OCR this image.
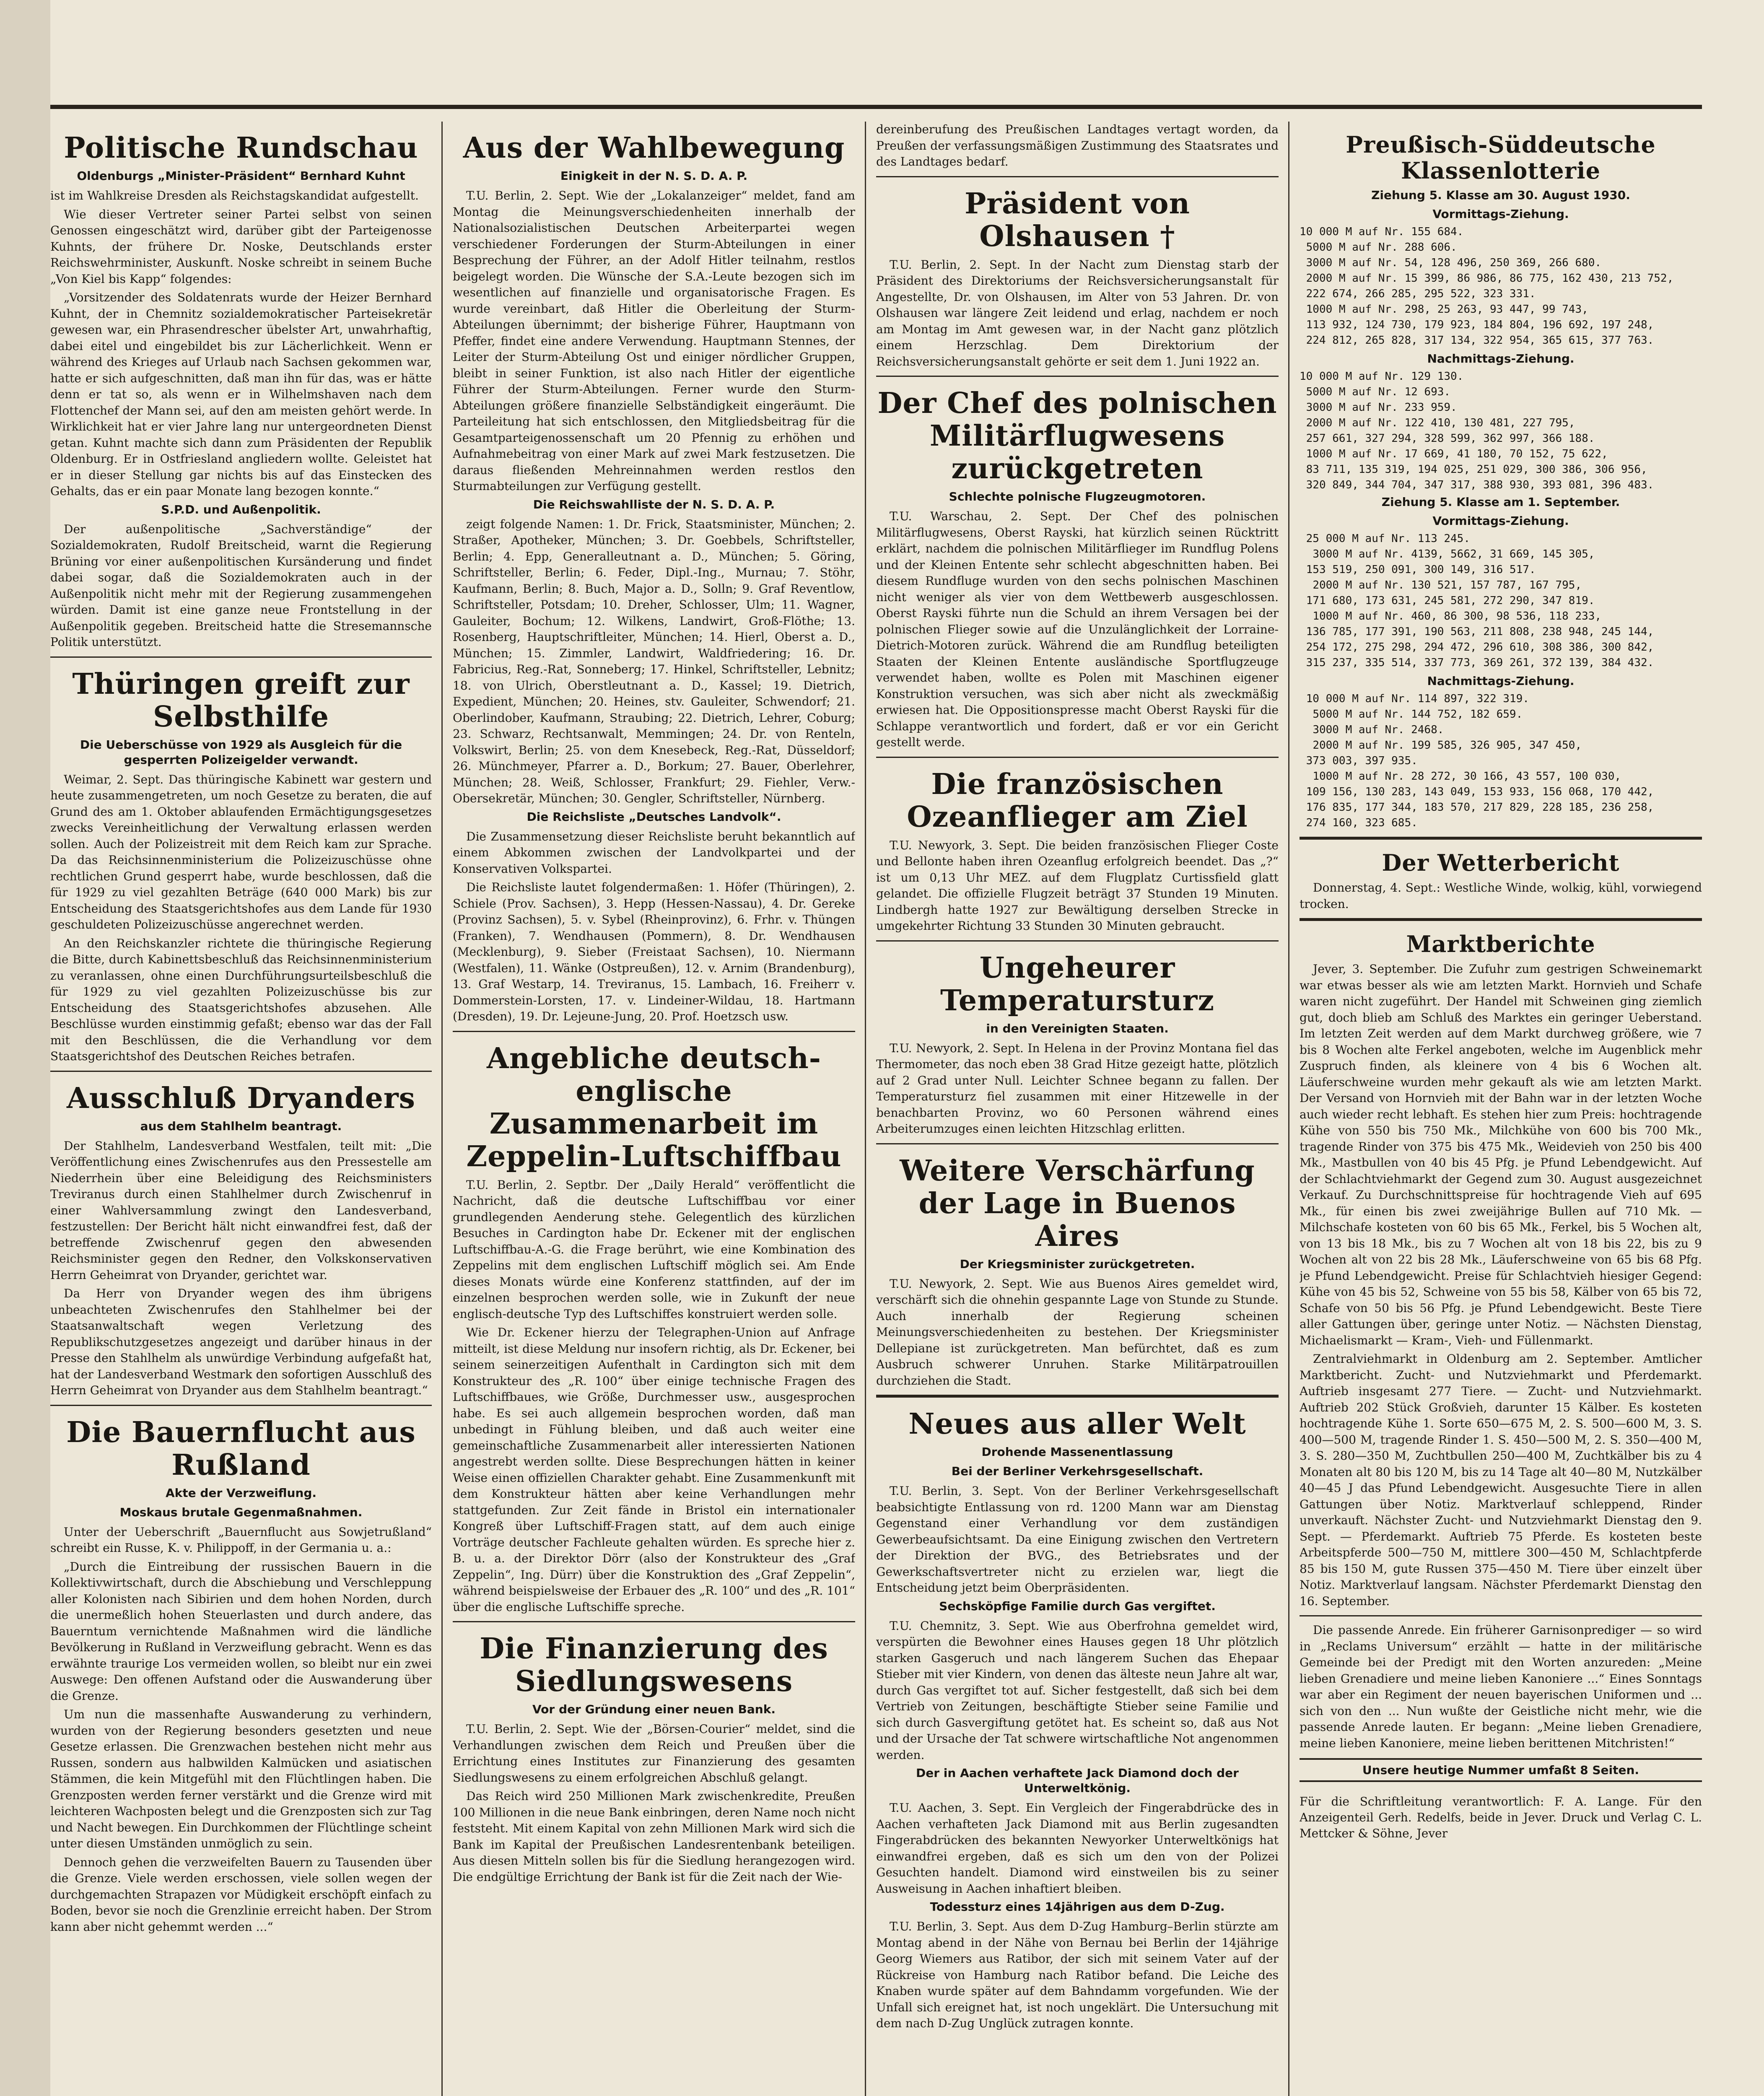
Politische Rundschau
Oldenburgs „Minister-Präsident“ Bernhard Kuhnt

ist im Wahlkreise Dresden als Reichstagskandidat aufgestellt.

Wie dieser Vertreter seiner Partei selbst von seinen Genossen eingeschätzt wird, darüber gibt der Parteigenosse Kuhnts, der frühere Dr. Noske, Deutschlands erster Reichswehrminister, Auskunft. Noske schreibt in seinem Buche „Von Kiel bis Kapp“ folgendes:

„Vorsitzender des Soldatenrats wurde der Heizer Bernhard Kuhnt, der in Chemnitz sozialdemokratischer Parteisekretär gewesen war, ein Phrasendrescher übelster Art, unwahrhaftig, dabei eitel und eingebildet bis zur Lächerlichkeit. Wenn er während des Krieges auf Urlaub nach Sachsen gekommen war, hatte er sich aufgeschnitten, daß man ihn für das, was er hätte denn er tat so, als wenn er in Wilhelmshaven nach dem Flottenchef der Mann sei, auf den am meisten gehört werde. In Wirklichkeit hat er vier Jahre lang nur untergeordneten Dienst getan. Kuhnt machte sich dann zum Präsidenten der Republik Oldenburg. Er in Ostfriesland angliedern wollte. Geleistet hat er in dieser Stellung gar nichts bis auf das Einstecken des Gehalts, das er ein paar Monate lang bezogen konnte.“

S.P.D. und Außenpolitik.

Der außenpolitische „Sachverständige“ der Sozialdemokraten, Rudolf Breitscheid, warnt die Regierung Brüning vor einer außenpolitischen Kursänderung und findet dabei sogar, daß die Sozialdemokraten auch in der Außenpolitik nicht mehr mit der Regierung zusammengehen würden. Damit ist eine ganze neue Frontstellung in der Außenpolitik gegeben. Breitscheid hatte die Stresemannsche Politik unterstützt.

Thüringen greift zur Selbsthilfe
Die Ueberschüsse von 1929 als Ausgleich für die gesperrten Polizeigelder verwandt.

Weimar, 2. Sept. Das thüringische Kabinett war gestern und heute zusammengetreten, um noch Gesetze zu beraten, die auf Grund des am 1. Oktober ablaufenden Ermächtigungsgesetzes zwecks Vereinheitlichung der Verwaltung erlassen werden sollen. Auch der Polizeistreit mit dem Reich kam zur Sprache. Da das Reichsinnenministerium die Polizeizuschüsse ohne rechtlichen Grund gesperrt habe, wurde beschlossen, daß die für 1929 zu viel gezahlten Beträge (640 000 Mark) bis zur Entscheidung des Staatsgerichtshofes aus dem Lande für 1930 geschuldeten Polizeizuschüsse angerechnet werden.

An den Reichskanzler richtete die thüringische Regierung die Bitte, durch Kabinettsbeschluß das Reichsinnenministerium zu veranlassen, ohne einen Durchführungsurteilsbeschluß die für 1929 zu viel gezahlten Polizeizuschüsse bis zur Entscheidung des Staatsgerichtshofes abzusehen. Alle Beschlüsse wurden einstimmig gefaßt; ebenso war das der Fall mit den Beschlüssen, die die Verhandlung vor dem Staatsgerichtshof des Deutschen Reiches betrafen.

Ausschluß Dryanders
aus dem Stahlhelm beantragt.

Der Stahlhelm, Landesverband Westfalen, teilt mit: „Die Veröffentlichung eines Zwischenrufes aus den Pressestelle am Niederrhein über eine Beleidigung des Reichsministers Treviranus durch einen Stahlhelmer durch Zwischenruf in einer Wahlversammlung zwingt den Landesverband, festzustellen: Der Bericht hält nicht einwandfrei fest, daß der betreffende Zwischenruf gegen den abwesenden Reichsminister gegen den Redner, den Volkskonservativen Herrn Geheimrat von Dryander, gerichtet war.

Da Herr von Dryander wegen des ihm übrigens unbeachteten Zwischenrufes den Stahlhelmer bei der Staatsanwaltschaft wegen Verletzung des Republikschutzgesetzes angezeigt und darüber hinaus in der Presse den Stahlhelm als unwürdige Verbindung aufgefaßt hat, hat der Landesverband Westmark den sofortigen Ausschluß des Herrn Geheimrat von Dryander aus dem Stahlhelm beantragt.“

Die Bauernflucht aus Rußland
Akte der Verzweiflung.
Moskaus brutale Gegenmaßnahmen.

Unter der Ueberschrift „Bauernflucht aus Sowjetrußland“ schreibt ein Russe, K. v. Philippoff, in der Germania u. a.:

„Durch die Eintreibung der russischen Bauern in die Kollektivwirtschaft, durch die Abschiebung und Verschleppung aller Kolonisten nach Sibirien und dem hohen Norden, durch die unermeßlich hohen Steuerlasten und durch andere, das Bauerntum vernichtende Maßnahmen wird die ländliche Bevölkerung in Rußland in Verzweiflung gebracht. Wenn es das erwähnte traurige Los vermeiden wollen, so bleibt nur ein zwei Auswege: Den offenen Aufstand oder die Auswanderung über die Grenze.

Um nun die massenhafte Auswanderung zu verhindern, wurden von der Regierung besonders gesetzten und neue Gesetze erlassen. Die Grenzwachen bestehen nicht mehr aus Russen, sondern aus halbwilden Kalmücken und asiatischen Stämmen, die kein Mitgefühl mit den Flüchtlingen haben. Die Grenzposten werden ferner verstärkt und die Grenze wird mit leichteren Wachposten belegt und die Grenzposten sich zur Tag und Nacht bewegen. Ein Durchkommen der Flüchtlinge scheint unter diesen Umständen unmöglich zu sein.

Dennoch gehen die verzweifelten Bauern zu Tausenden über die Grenze. Viele werden erschossen, viele sollen wegen der durchgemachten Strapazen vor Müdigkeit erschöpft einfach zu Boden, bevor sie noch die Grenzlinie erreicht haben. Der Strom kann aber nicht gehemmt werden ...“

Aus der Wahlbewegung
Einigkeit in der N. S. D. A. P.

T.U. Berlin, 2. Sept. Wie der „Lokalanzeiger“ meldet, fand am Montag die Meinungsverschiedenheiten innerhalb der Nationalsozialistischen Deutschen Arbeiterpartei wegen verschiedener Forderungen der Sturm-Abteilungen in einer Besprechung der Führer, an der Adolf Hitler teilnahm, restlos beigelegt worden. Die Wünsche der S.A.-Leute bezogen sich im wesentlichen auf finanzielle und organisatorische Fragen. Es wurde vereinbart, daß Hitler die Oberleitung der Sturm-Abteilungen übernimmt; der bisherige Führer, Hauptmann von Pfeffer, findet eine andere Verwendung. Hauptmann Stennes, der Leiter der Sturm-Abteilung Ost und einiger nördlicher Gruppen, bleibt in seiner Funktion, ist also nach Hitler der eigentliche Führer der Sturm-Abteilungen. Ferner wurde den Sturm-Abteilungen größere finanzielle Selbständigkeit eingeräumt. Die Parteileitung hat sich entschlossen, den Mitgliedsbeitrag für die Gesamtparteigenossenschaft um 20 Pfennig zu erhöhen und Aufnahmebeitrag von einer Mark auf zwei Mark festzusetzen. Die daraus fließenden Mehreinnahmen werden restlos den Sturmabteilungen zur Verfügung gestellt.

Die Reichswahlliste der N. S. D. A. P.

zeigt folgende Namen: 1. Dr. Frick, Staatsminister, München; 2. Straßer, Apotheker, München; 3. Dr. Goebbels, Schriftsteller, Berlin; 4. Epp, Generalleutnant a. D., München; 5. Göring, Schriftsteller, Berlin; 6. Feder, Dipl.-Ing., Murnau; 7. Stöhr, Kaufmann, Berlin; 8. Buch, Major a. D., Solln; 9. Graf Reventlow, Schriftsteller, Potsdam; 10. Dreher, Schlosser, Ulm; 11. Wagner, Gauleiter, Bochum; 12. Wilkens, Landwirt, Groß-Flöthe; 13. Rosenberg, Hauptschriftleiter, München; 14. Hierl, Oberst a. D., München; 15. Zimmler, Landwirt, Waldfriedering; 16. Dr. Fabricius, Reg.-Rat, Sonneberg; 17. Hinkel, Schriftsteller, Lebnitz; 18. von Ulrich, Oberstleutnant a. D., Kassel; 19. Dietrich, Expedient, München; 20. Heines, stv. Gauleiter, Schwendorf; 21. Oberlindober, Kaufmann, Straubing; 22. Dietrich, Lehrer, Coburg; 23. Schwarz, Rechtsanwalt, Memmingen; 24. Dr. von Renteln, Volkswirt, Berlin; 25. von dem Knesebeck, Reg.-Rat, Düsseldorf; 26. Münchmeyer, Pfarrer a. D., Borkum; 27. Bauer, Oberlehrer, München; 28. Weiß, Schlosser, Frankfurt; 29. Fiehler, Verw.-Obersekretär, München; 30. Gengler, Schriftsteller, Nürnberg.

Die Reichsliste „Deutsches Landvolk“.

Die Zusammensetzung dieser Reichsliste beruht bekanntlich auf einem Abkommen zwischen der Landvolkpartei und der Konservativen Volkspartei.

Die Reichsliste lautet folgendermaßen: 1. Höfer (Thüringen), 2. Schiele (Prov. Sachsen), 3. Hepp (Hessen-Nassau), 4. Dr. Gereke (Provinz Sachsen), 5. v. Sybel (Rheinprovinz), 6. Frhr. v. Thüngen (Franken), 7. Wendhausen (Pommern), 8. Dr. Wendhausen (Mecklenburg), 9. Sieber (Freistaat Sachsen), 10. Niermann (Westfalen), 11. Wänke (Ostpreußen), 12. v. Arnim (Brandenburg), 13. Graf Westarp, 14. Treviranus, 15. Lambach, 16. Freiherr v. Dommerstein-Lorsten, 17. v. Lindeiner-Wildau, 18. Hartmann (Dresden), 19. Dr. Lejeune-Jung, 20. Prof. Hoetzsch usw.

Angebliche deutsch-englische Zusammenarbeit im Zeppelin-Luftschiffbau

T.U. Berlin, 2. Septbr. Der „Daily Herald“ veröffentlicht die Nachricht, daß die deutsche Luftschiffbau vor einer grundlegenden Aenderung stehe. Gelegentlich des kürzlichen Besuches in Cardington habe Dr. Eckener mit der englischen Luftschiffbau-A.-G. die Frage berührt, wie eine Kombination des Zeppelins mit dem englischen Luftschiff möglich sei. Am Ende dieses Monats würde eine Konferenz stattfinden, auf der im einzelnen besprochen werden solle, wie in Zukunft der neue englisch-deutsche Typ des Luftschiffes konstruiert werden solle.

Wie Dr. Eckener hierzu der Telegraphen-Union auf Anfrage mitteilt, ist diese Meldung nur insofern richtig, als Dr. Eckener, bei seinem seinerzeitigen Aufenthalt in Cardington sich mit dem Konstrukteur des „R. 100“ über einige technische Fragen des Luftschiffbaues, wie Größe, Durchmesser usw., ausgesprochen habe. Es sei auch allgemein besprochen worden, daß man unbedingt in Fühlung bleiben, und daß auch weiter eine gemeinschaftliche Zusammenarbeit aller interessierten Nationen angestrebt werden sollte. Diese Besprechungen hätten in keiner Weise einen offiziellen Charakter gehabt. Eine Zusammenkunft mit dem Konstrukteur hätten aber keine Verhandlungen mehr stattgefunden. Zur Zeit fände in Bristol ein internationaler Kongreß über Luftschiff-Fragen statt, auf dem auch einige Vorträge deutscher Fachleute gehalten würden. Es spreche hier z. B. u. a. der Direktor Dörr (also der Konstrukteur des „Graf Zeppelin“, Ing. Dürr) über die Konstruktion des „Graf Zeppelin“, während beispielsweise der Erbauer des „R. 100“ und des „R. 101“ über die englische Luftschiffe spreche.

Die Finanzierung des Siedlungswesens
Vor der Gründung einer neuen Bank.

T.U. Berlin, 2. Sept. Wie der „Börsen-Courier“ meldet, sind die Verhandlungen zwischen dem Reich und Preußen über die Errichtung eines Institutes zur Finanzierung des gesamten Siedlungswesens zu einem erfolgreichen Abschluß gelangt.

Das Reich wird 250 Millionen Mark zwischenkredite, Preußen 100 Millionen in die neue Bank einbringen, deren Name noch nicht feststeht. Mit einem Kapital von zehn Millionen Mark wird sich die Bank im Kapital der Preußischen Landesrentenbank beteiligen. Aus diesen Mitteln sollen bis für die Siedlung herangezogen wird. Die endgültige Errichtung der Bank ist für die Zeit nach der Wie-

dereinberufung des Preußischen Landtages vertagt worden, da Preußen der verfassungsmäßigen Zustimmung des Staatsrates und des Landtages bedarf.

Präsident von Olshausen †

T.U. Berlin, 2. Sept. In der Nacht zum Dienstag starb der Präsident des Direktoriums der Reichsversicherungsanstalt für Angestellte, Dr. von Olshausen, im Alter von 53 Jahren. Dr. von Olshausen war längere Zeit leidend und erlag, nachdem er noch am Montag im Amt gewesen war, in der Nacht ganz plötzlich einem Herzschlag. Dem Direktorium der Reichsversicherungsanstalt gehörte er seit dem 1. Juni 1922 an.

Der Chef des polnischen Militärflugwesens zurückgetreten
Schlechte polnische Flugzeugmotoren.

T.U. Warschau, 2. Sept. Der Chef des polnischen Militärflugwesens, Oberst Rayski, hat kürzlich seinen Rücktritt erklärt, nachdem die polnischen Militärflieger im Rundflug Polens und der Kleinen Entente sehr schlecht abgeschnitten haben. Bei diesem Rundfluge wurden von den sechs polnischen Maschinen nicht weniger als vier von dem Wettbewerb ausgeschlossen. Oberst Rayski führte nun die Schuld an ihrem Versagen bei der polnischen Flieger sowie auf die Unzulänglichkeit der Lorraine-Dietrich-Motoren zurück. Während die am Rundflug beteiligten Staaten der Kleinen Entente ausländische Sportflugzeuge verwendet haben, wollte es Polen mit Maschinen eigener Konstruktion versuchen, was sich aber nicht als zweckmäßig erwiesen hat. Die Oppositionspresse macht Oberst Rayski für die Schlappe verantwortlich und fordert, daß er vor ein Gericht gestellt werde.

Die französischen Ozeanflieger am Ziel

T.U. Newyork, 3. Sept. Die beiden französischen Flieger Coste und Bellonte haben ihren Ozeanflug erfolgreich beendet. Das „?“ ist um 0,13 Uhr MEZ. auf dem Flugplatz Curtissfield glatt gelandet. Die offizielle Flugzeit beträgt 37 Stunden 19 Minuten. Lindbergh hatte 1927 zur Bewältigung derselben Strecke in umgekehrter Richtung 33 Stunden 30 Minuten gebraucht.

Ungeheurer Temperatursturz
in den Vereinigten Staaten.

T.U. Newyork, 2. Sept. In Helena in der Provinz Montana fiel das Thermometer, das noch eben 38 Grad Hitze gezeigt hatte, plötzlich auf 2 Grad unter Null. Leichter Schnee begann zu fallen. Der Temperatursturz fiel zusammen mit einer Hitzewelle in der benachbarten Provinz, wo 60 Personen während eines Arbeiterumzuges einen leichten Hitzschlag erlitten.

Weitere Verschärfung der Lage in Buenos Aires
Der Kriegsminister zurückgetreten.

T.U. Newyork, 2. Sept. Wie aus Buenos Aires gemeldet wird, verschärft sich die ohnehin gespannte Lage von Stunde zu Stunde. Auch innerhalb der Regierung scheinen Meinungsverschiedenheiten zu bestehen. Der Kriegsminister Dellepiane ist zurückgetreten. Man befürchtet, daß es zum Ausbruch schwerer Unruhen. Starke Militärpatrouillen durchziehen die Stadt.

Neues aus aller Welt
Drohende Massenentlassung
Bei der Berliner Verkehrsgesellschaft.

T.U. Berlin, 3. Sept. Von der Berliner Verkehrsgesellschaft beabsichtigte Entlassung von rd. 1200 Mann war am Dienstag Gegenstand einer Verhandlung vor dem zuständigen Gewerbeaufsichtsamt. Da eine Einigung zwischen den Vertretern der Direktion der BVG., des Betriebsrates und der Gewerkschaftsvertreter nicht zu erzielen war, liegt die Entscheidung jetzt beim Oberpräsidenten.

Sechsköpfige Familie durch Gas vergiftet.

T.U. Chemnitz, 3. Sept. Wie aus Oberfrohna gemeldet wird, verspürten die Bewohner eines Hauses gegen 18 Uhr plötzlich starken Gasgeruch und nach längerem Suchen das Ehepaar Stieber mit vier Kindern, von denen das älteste neun Jahre alt war, durch Gas vergiftet tot auf. Sicher festgestellt, daß sich bei dem Vertrieb von Zeitungen, beschäftigte Stieber seine Familie und sich durch Gasvergiftung getötet hat. Es scheint so, daß aus Not und der Ursache der Tat schwere wirtschaftliche Not angenommen werden.

Der in Aachen verhaftete Jack Diamond doch der Unterweltkönig.

T.U. Aachen, 3. Sept. Ein Vergleich der Fingerabdrücke des in Aachen verhafteten Jack Diamond mit aus Berlin zugesandten Fingerabdrücken des bekannten Newyorker Unterweltkönigs hat einwandfrei ergeben, daß es sich um den von der Polizei Gesuchten handelt. Diamond wird einstweilen bis zu seiner Ausweisung in Aachen inhaftiert bleiben.

Todessturz eines 14jährigen aus dem D-Zug.

T.U. Berlin, 3. Sept. Aus dem D-Zug Hamburg–Berlin stürzte am Montag abend in der Nähe von Bernau bei Berlin der 14jährige Georg Wiemers aus Ratibor, der sich mit seinem Vater auf der Rückreise von Hamburg nach Ratibor befand. Die Leiche des Knaben wurde später auf dem Bahndamm vorgefunden. Wie der Unfall sich ereignet hat, ist noch ungeklärt. Die Untersuchung mit dem nach D-Zug Unglück zutragen konnte.

Preußisch-Süddeutsche Klassenlotterie
Ziehung 5. Klasse am 30. August 1930.
Vormittags-Ziehung.

10 000 M auf Nr. 155 684.
5000 M auf Nr. 288 606.
3000 M auf Nr. 54, 128 496, 250 369, 266 680.
2000 M auf Nr. 15 399, 86 986, 86 775, 162 430, 213 752,
222 674, 266 285, 295 522, 323 331.
1000 M auf Nr. 298, 25 263, 93 447, 99 743,
113 932, 124 730, 179 923, 184 804, 196 692, 197 248,
224 812, 265 828, 317 134, 322 954, 365 615, 377 763.

Nachmittags-Ziehung.

10 000 M auf Nr. 129 130.
5000 M auf Nr. 12 693.
3000 M auf Nr. 233 959.
2000 M auf Nr. 122 410, 130 481, 227 795,
257 661, 327 294, 328 599, 362 997, 366 188.
1000 M auf Nr. 17 669, 41 180, 70 152, 75 622,
83 711, 135 319, 194 025, 251 029, 300 386, 306 956,
320 849, 344 704, 347 317, 388 930, 393 081, 396 483.

Ziehung 5. Klasse am 1. September.
Vormittags-Ziehung.

25 000 M auf Nr. 113 245.
3000 M auf Nr. 4139, 5662, 31 669, 145 305,
153 519, 250 091, 300 149, 316 517.
2000 M auf Nr. 130 521, 157 787, 167 795,
171 680, 173 631, 245 581, 272 290, 347 819.
1000 M auf Nr. 460, 86 300, 98 536, 118 233,
136 785, 177 391, 190 563, 211 808, 238 948, 245 144,
254 172, 275 298, 294 472, 296 610, 308 386, 300 842,
315 237, 335 514, 337 773, 369 261, 372 139, 384 432.

Nachmittags-Ziehung.

10 000 M auf Nr. 114 897, 322 319.
5000 M auf Nr. 144 752, 182 659.
3000 M auf Nr. 2468.
2000 M auf Nr. 199 585, 326 905, 347 450,
373 003, 397 935.
1000 M auf Nr. 28 272, 30 166, 43 557, 100 030,
109 156, 130 283, 143 049, 153 933, 156 068, 170 442,
176 835, 177 344, 183 570, 217 829, 228 185, 236 258,
274 160, 323 685.

Der Wetterbericht

Donnerstag, 4. Sept.: Westliche Winde, wolkig, kühl, vorwiegend trocken.

Marktberichte

Jever, 3. September. Die Zufuhr zum gestrigen Schweinemarkt war etwas besser als wie am letzten Markt. Hornvieh und Schafe waren nicht zugeführt. Der Handel mit Schweinen ging ziemlich gut, doch blieb am Schluß des Marktes ein geringer Ueberstand. Im letzten Zeit werden auf dem Markt durchweg größere, wie 7 bis 8 Wochen alte Ferkel angeboten, welche im Augenblick mehr Zuspruch finden, als kleinere von 4 bis 6 Wochen alt. Läuferschweine wurden mehr gekauft als wie am letzten Markt. Der Versand von Hornvieh mit der Bahn war in der letzten Woche auch wieder recht lebhaft. Es stehen hier zum Preis: hochtragende Kühe von 550 bis 750 Mk., Milchkühe von 600 bis 700 Mk., tragende Rinder von 375 bis 475 Mk., Weidevieh von 250 bis 400 Mk., Mastbullen von 40 bis 45 Pfg. je Pfund Lebendgewicht. Auf der Schlachtviehmarkt der Gegend zum 30. August ausgezeichnet Verkauf. Zu Durchschnittspreise für hochtragende Vieh auf 695 Mk., für einen bis zwei zweijährige Bullen auf 710 Mk. — Milchschafe kosteten von 60 bis 65 Mk., Ferkel, bis 5 Wochen alt, von 13 bis 18 Mk., bis zu 7 Wochen alt von 18 bis 22, bis zu 9 Wochen alt von 22 bis 28 Mk., Läuferschweine von 65 bis 68 Pfg. je Pfund Lebendgewicht. Preise für Schlachtvieh hiesiger Gegend: Kühe von 45 bis 52, Schweine von 55 bis 58, Kälber von 65 bis 72, Schafe von 50 bis 56 Pfg. je Pfund Lebendgewicht. Beste Tiere aller Gattungen über, geringe unter Notiz. — Nächsten Dienstag, Michaelismarkt — Kram-, Vieh- und Füllenmarkt.

Zentralviehmarkt in Oldenburg am 2. September. Amtlicher Marktbericht. Zucht- und Nutzviehmarkt und Pferdemarkt. Auftrieb insgesamt 277 Tiere. — Zucht- und Nutzviehmarkt. Auftrieb 202 Stück Großvieh, darunter 15 Kälber. Es kosteten hochtragende Kühe 1. Sorte 650—675 M, 2. S. 500—600 M, 3. S. 400—500 M, tragende Rinder 1. S. 450—500 M, 2. S. 350—400 M, 3. S. 280—350 M, Zuchtbullen 250—400 M, Zuchtkälber bis zu 4 Monaten alt 80 bis 120 M, bis zu 14 Tage alt 40—80 M, Nutzkälber 40—45 J das Pfund Lebendgewicht. Ausgesuchte Tiere in allen Gattungen über Notiz. Marktverlauf schleppend, Rinder unverkauft. Nächster Zucht- und Nutzviehmarkt Dienstag den 9. Sept. — Pferdemarkt. Auftrieb 75 Pferde. Es kosteten beste Arbeitspferde 500—750 M, mittlere 300—450 M, Schlachtpferde 85 bis 150 M, gute Russen 375—450 M. Tiere über einzelt über Notiz. Marktverlauf langsam. Nächster Pferdemarkt Dienstag den 16. September.

Die passende Anrede. Ein früherer Garnisonprediger — so wird in „Reclams Universum“ erzählt — hatte in der militärische Gemeinde bei der Predigt mit den Worten anzureden: „Meine lieben Grenadiere und meine lieben Kanoniere ...“ Eines Sonntags war aber ein Regiment der neuen bayerischen Uniformen und ... sich von den ... Nun wußte der Geistliche nicht mehr, wie die passende Anrede lauten. Er begann: „Meine lieben Grenadiere, meine lieben Kanoniere, meine lieben berittenen Mitchristen!“

Unsere heutige Nummer umfaßt 8 Seiten.

Für die Schriftleitung verantwortlich: F. A. Lange. Für den Anzeigenteil Gerh. Redelfs, beide in Jever. Druck und Verlag C. L. Mettcker & Söhne, Jever
